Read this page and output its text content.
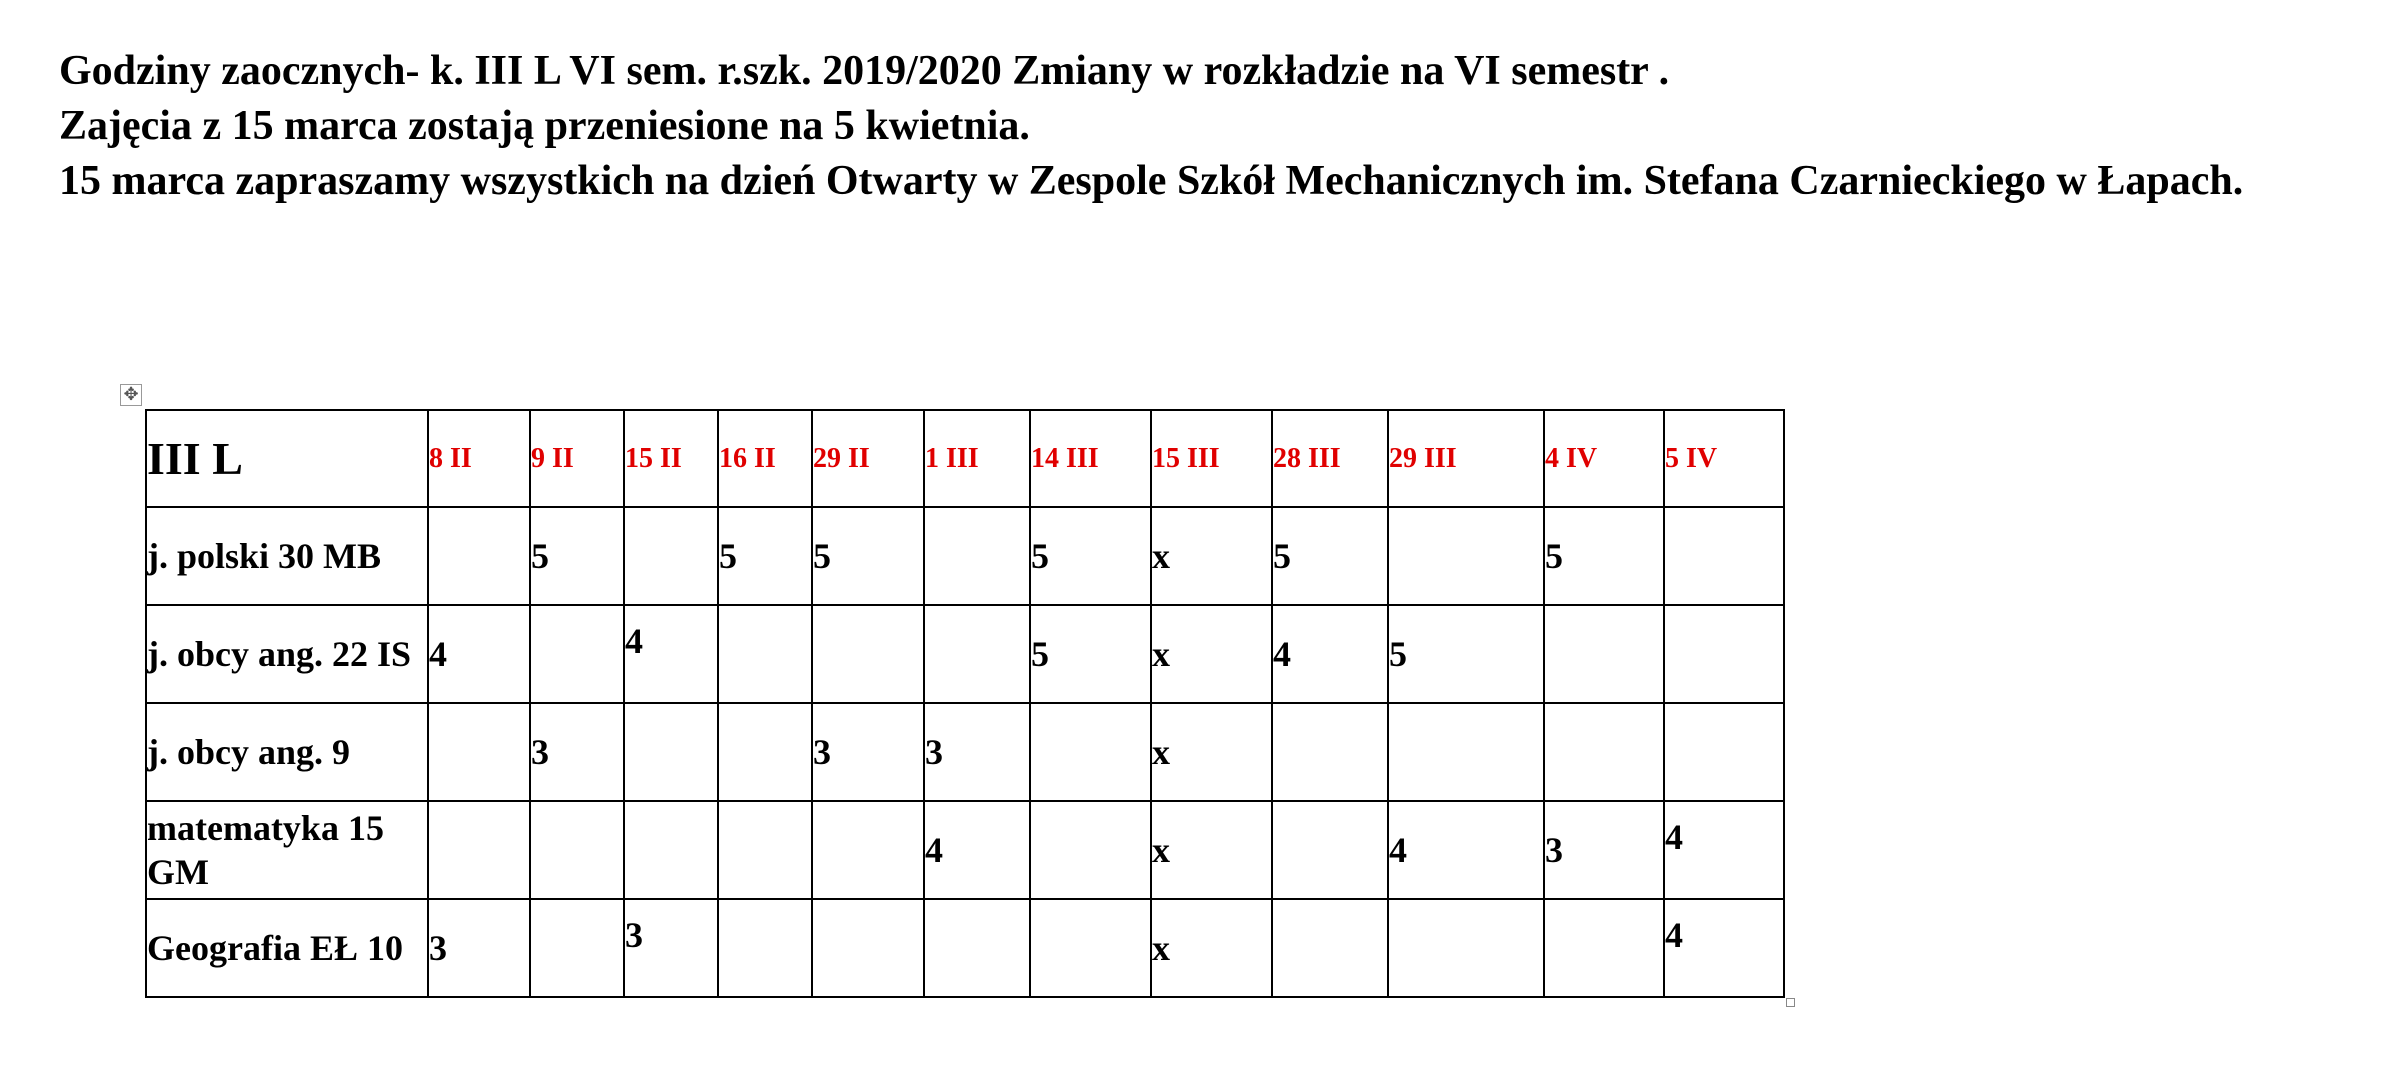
Godziny zaocznych- k. III L VI sem. r.szk. 2019/2020 Zmiany w rozkładzie na VI semestr .

Zajęcia z 15 marca zostają przeniesione na 5 kwietnia.

15 marca zapraszamy wszystkich na dzień Otwarty w Zespole Szkół Mechanicznych im. Stefana Czarnieckiego w Łapach.

✥
III L	8 II	9 II	15 II	16 II	29 II	1 III	14 III	15 III	28 III	29 III	4 IV	5 IV
j. polski 30 MB		5		5	5		5	x	5		5	
j. obcy ang. 22 IS	4		4				5	x	4	5		
j. obcy ang. 9		3			3	3		x				
matematyka 15 GM						4		x		4	3	4
Geografia EŁ 10	3		3					x				4
